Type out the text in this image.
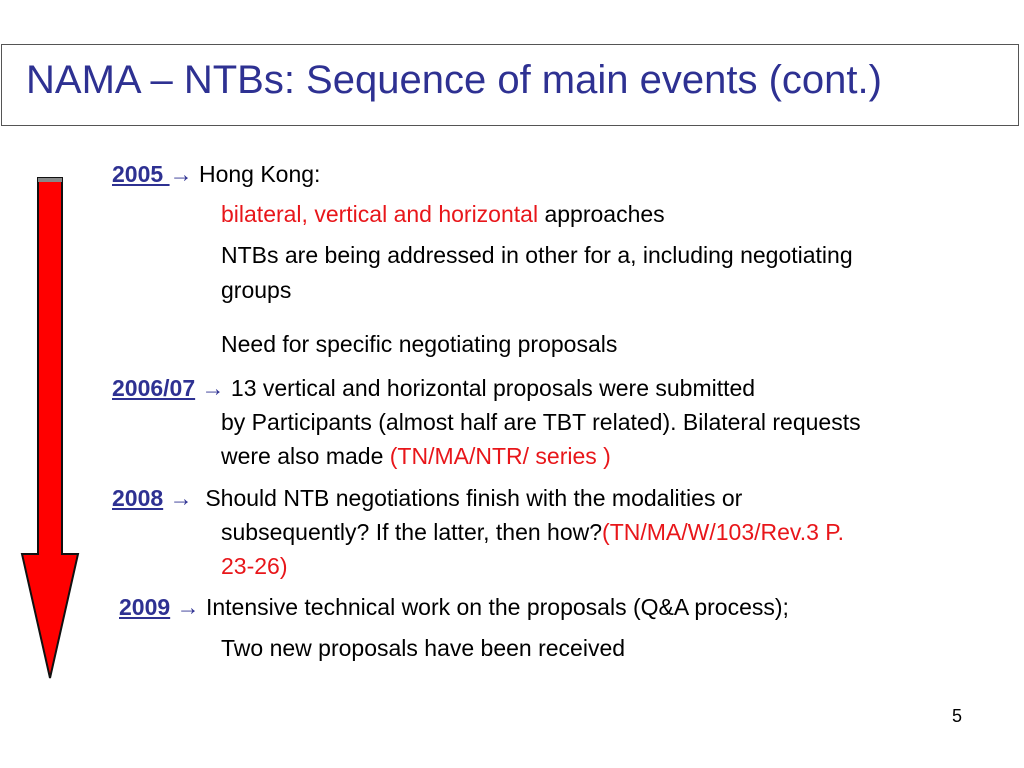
NAMA – NTBs: Sequence of main events (cont.)
2005 → Hong Kong:
bilateral, vertical and horizontal approaches
NTBs are being addressed in other for a, including negotiating
groups
Need for specific negotiating proposals
2006/07 → 13 vertical and horizontal proposals were submitted
by Participants (almost half are TBT related). Bilateral requests
were also made (TN/MA/NTR/ series )
2008 → Should NTB negotiations finish with the modalities or
subsequently? If the latter, then how?(TN/MA/W/103/Rev.3 P.
23-26)
2009 → Intensive technical work on the proposals (Q&A process);
Two new proposals have been received
5
